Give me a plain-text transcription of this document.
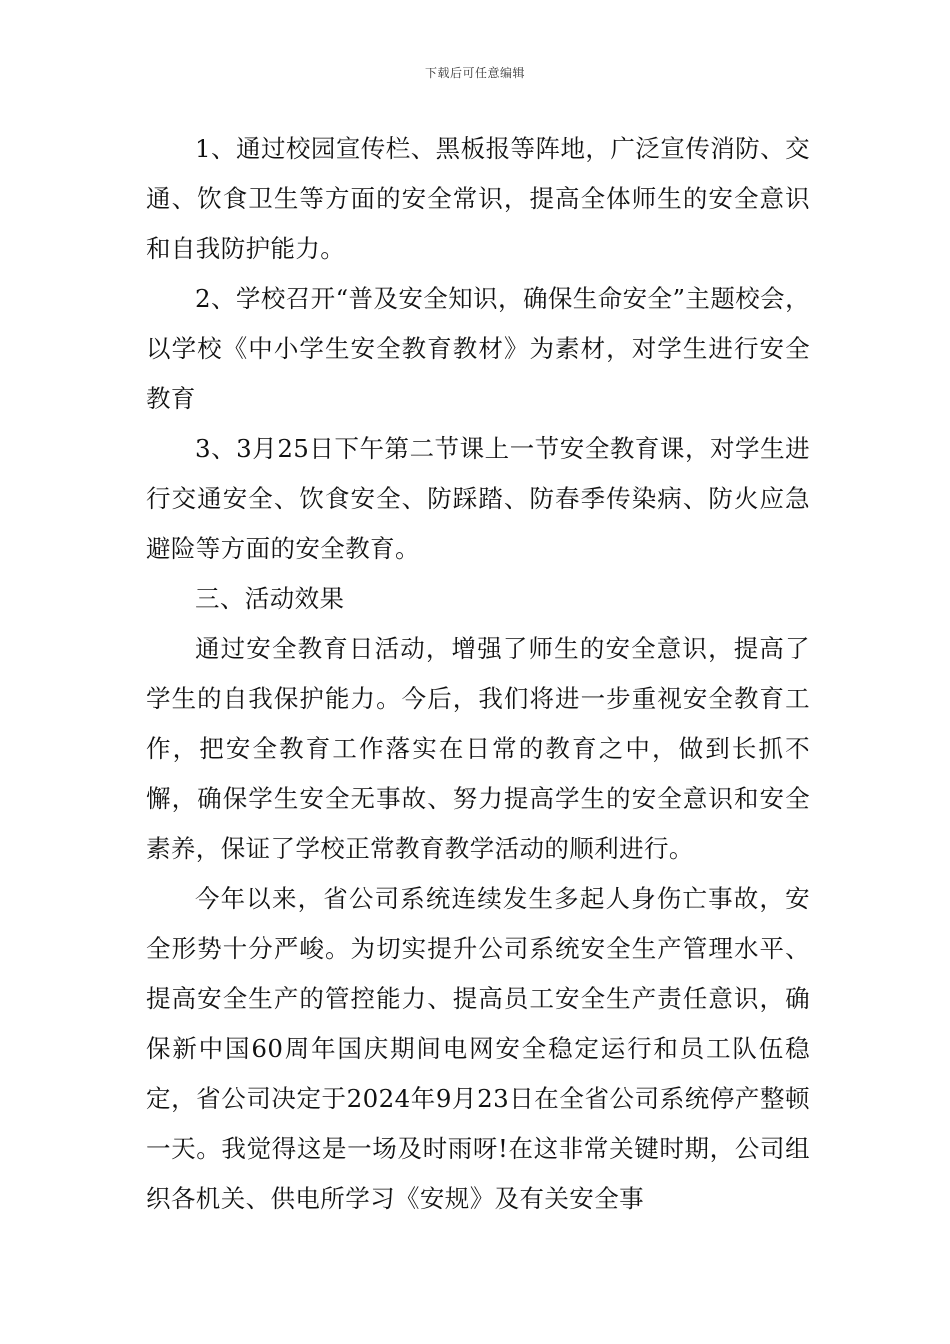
下载后可任意编辑

1、通过校园宣传栏、黑板报等阵地，广泛宣传消防、交通、饮食卫生等方面的安全常识，提高全体师生的安全意识和自我防护能力。

2、学校召开“普及安全知识，确保生命安全”主题校会，以学校《中小学生安全教育教材》为素材，对学生进行安全教育

3、3月25日下午第二节课上一节安全教育课，对学生进行交通安全、饮食安全、防踩踏、防春季传染病、防火应急避险等方面的安全教育。

三、活动效果

通过安全教育日活动，增强了师生的安全意识，提高了学生的自我保护能力。今后，我们将进一步重视安全教育工作，把安全教育工作落实在日常的教育之中，做到长抓不懈，确保学生安全无事故、努力提高学生的安全意识和安全素养，保证了学校正常教育教学活动的顺利进行。

今年以来，省公司系统连续发生多起人身伤亡事故，安全形势十分严峻。为切实提升公司系统安全生产管理水平、提高安全生产的管控能力、提高员工安全生产责任意识，确保新中国60周年国庆期间电网安全稳定运行和员工队伍稳定，省公司决定于2024年9月23日在全省公司系统停产整顿一天。我觉得这是一场及时雨呀!在这非常关键时期，公司组织各机关、供电所学习《安规》及有关安全事
